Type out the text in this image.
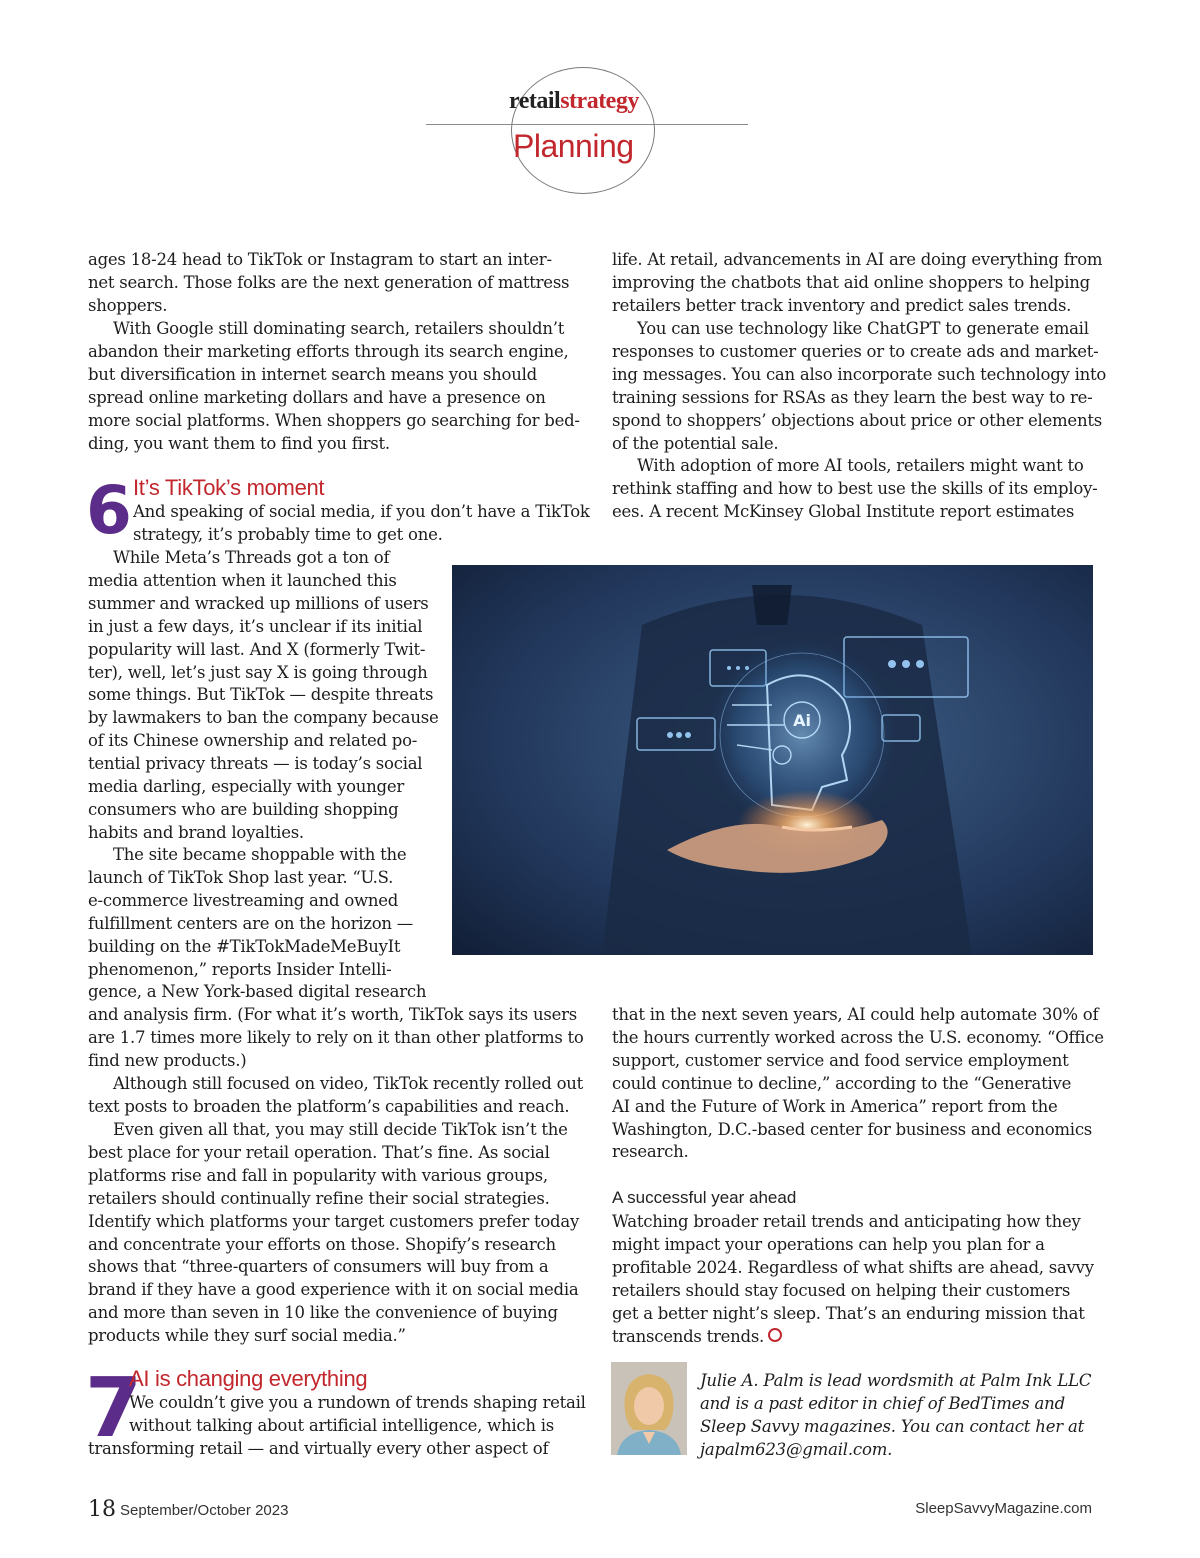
retailstrategy
Planning
ages 18-24 head to TikTok or Instagram to start an inter-
net search. Those folks are the next generation of mattress
shoppers.
With Google still dominating search, retailers shouldn’t
abandon their marketing efforts through its search engine,
but diversification in internet search means you should
spread online marketing dollars and have a presence on
more social platforms. When shoppers go searching for bed-
ding, you want them to find you first.
6 It’s TikTok’s moment
And speaking of social media, if you don’t have a TikTok
strategy, it’s probably time to get one.
While Meta’s Threads got a ton of
media attention when it launched this
summer and wracked up millions of users
in just a few days, it’s unclear if its initial
popularity will last. And X (formerly Twit-
ter), well, let’s just say X is going through
some things. But TikTok — despite threats
by lawmakers to ban the company because
of its Chinese ownership and related po-
tential privacy threats — is today’s social
media darling, especially with younger
consumers who are building shopping
habits and brand loyalties.
The site became shoppable with the
launch of TikTok Shop last year. “U.S.
e-commerce livestreaming and owned
fulfillment centers are on the horizon —
building on the #TikTokMadeMeBuyIt
phenomenon,” reports Insider Intelli-
gence, a New York-based digital research
and analysis firm. (For what it’s worth, TikTok says its users
are 1.7 times more likely to rely on it than other platforms to
find new products.)
Although still focused on video, TikTok recently rolled out
text posts to broaden the platform’s capabilities and reach.
Even given all that, you may still decide TikTok isn’t the
best place for your retail operation. That’s fine. As social
platforms rise and fall in popularity with various groups,
retailers should continually refine their social strategies.
Identify which platforms your target customers prefer today
and concentrate your efforts on those. Shopify’s research
shows that “three-quarters of consumers will buy from a
brand if they have a good experience with it on social media
and more than seven in 10 like the convenience of buying
products while they surf social media.”
7
AI is changing everything
We couldn’t give you a rundown of trends shaping retail
without talking about artificial intelligence, which is
transforming retail — and virtually every other aspect of
life. At retail, advancements in AI are doing everything from
improving the chatbots that aid online shoppers to helping
retailers better track inventory and predict sales trends.
You can use technology like ChatGPT to generate email
responses to customer queries or to create ads and market-
ing messages. You can also incorporate such technology into
training sessions for RSAs as they learn the best way to re-
spond to shoppers’ objections about price or other elements
of the potential sale.
With adoption of more AI tools, retailers might want to
rethink staffing and how to best use the skills of its employ-
ees. A recent McKinsey Global Institute report estimates
Ai
that in the next seven years, AI could help automate 30% of
the hours currently worked across the U.S. economy. “Office
support, customer service and food service employment
could continue to decline,” according to the “Generative
AI and the Future of Work in America” report from the
Washington, D.C.-based center for business and economics
research.
A successful year ahead
Watching broader retail trends and anticipating how they
might impact your operations can help you plan for a
profitable 2024. Regardless of what shifts are ahead, savvy
retailers should stay focused on helping their customers
get a better night’s sleep. That’s an enduring mission that
transcends trends.
Julie A. Palm is lead wordsmith at Palm Ink LLC
and is a past editor in chief of BedTimes and
Sleep Savvy magazines. You can contact her at
japalm623@gmail.com.
18 September/October 2023	SleepSavvyMagazine.com
